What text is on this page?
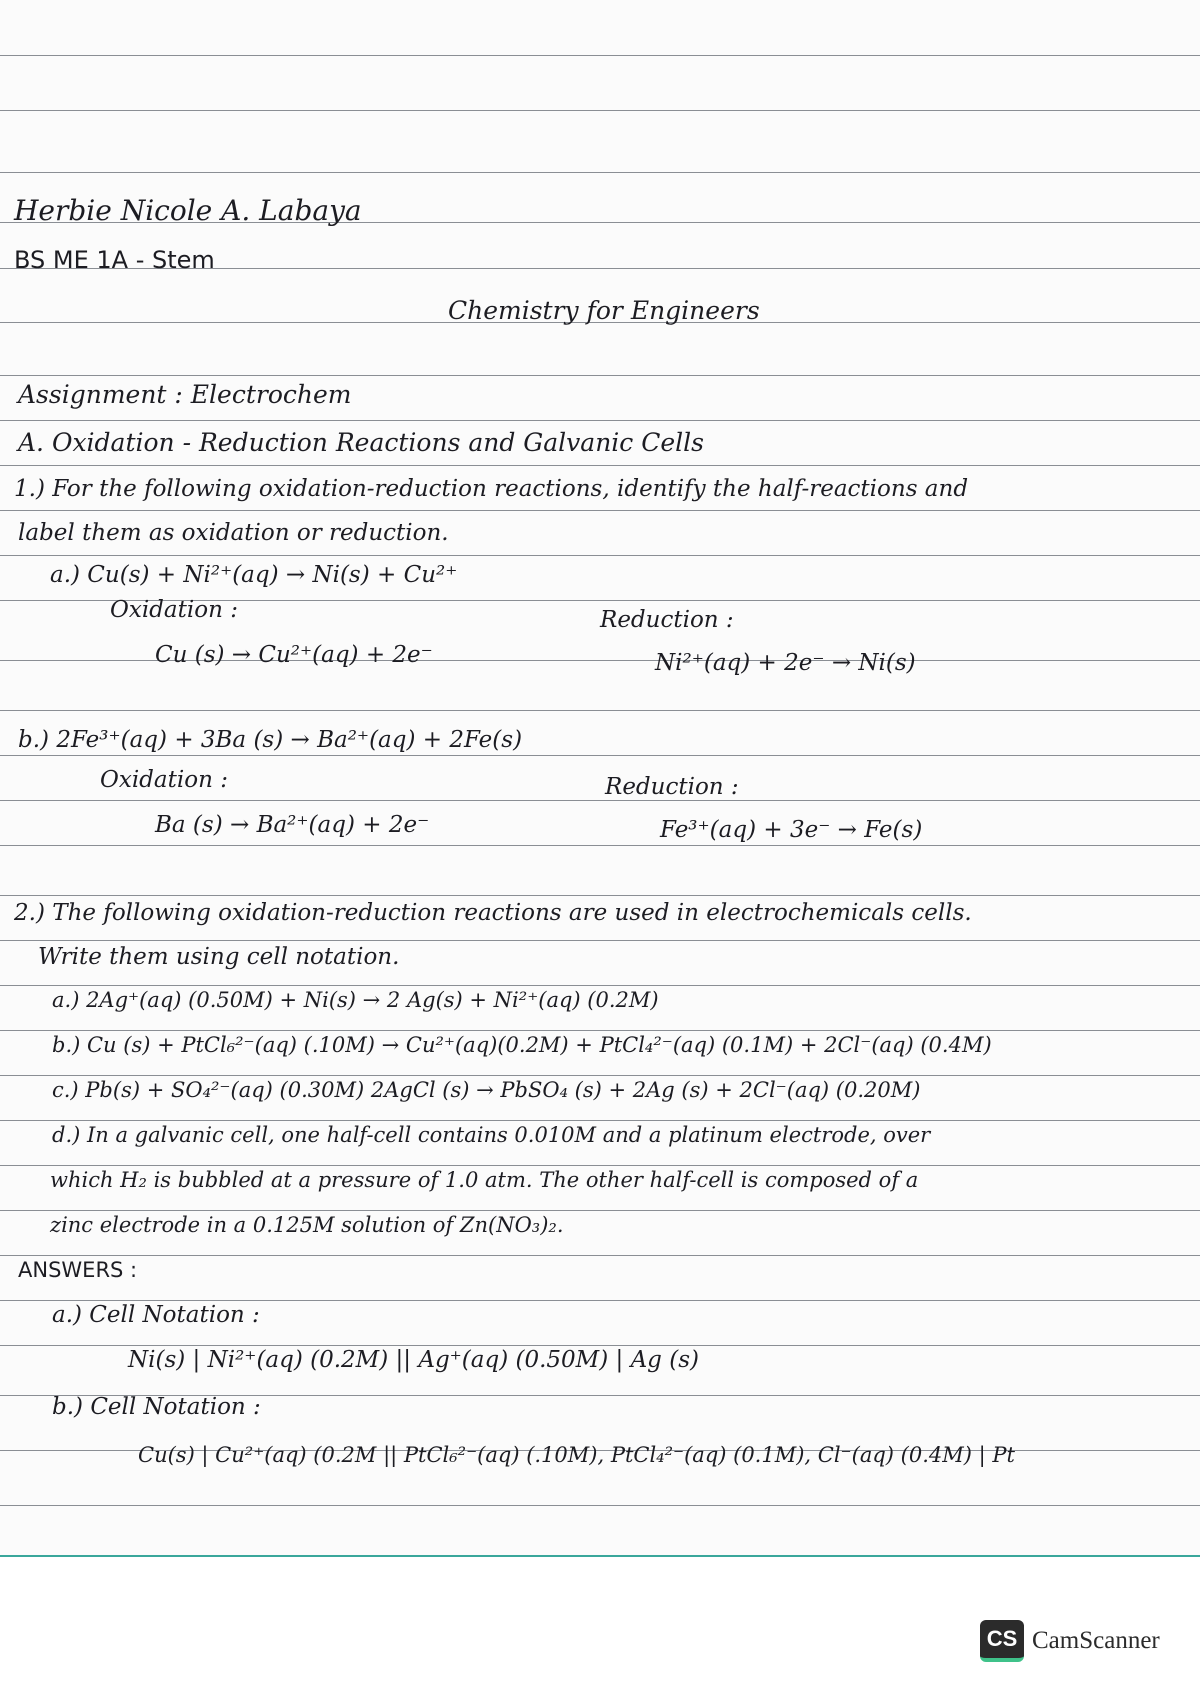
Herbie Nicole A. Labaya
BS ME 1A - Stem
Chemistry for Engineers
Assignment : Electrochem
A. Oxidation - Reduction Reactions and Galvanic Cells
1.) For the following oxidation-reduction reactions, identify the half-reactions and
label them as oxidation or reduction.
a.) Cu(s) + Ni²⁺(aq) → Ni(s) + Cu²⁺
Oxidation :	Reduction :
Cu (s) → Cu²⁺(aq) + 2e⁻	Ni²⁺(aq) + 2e⁻ → Ni(s)
b.) 2Fe³⁺(aq) + 3Ba (s) → Ba²⁺(aq) + 2Fe(s)
Oxidation :	Reduction :
Ba (s) → Ba²⁺(aq) + 2e⁻	Fe³⁺(aq) + 3e⁻ → Fe(s)
2.) The following oxidation-reduction reactions are used in electrochemicals cells.
Write them using cell notation.
a.) 2Ag⁺(aq) (0.50M) + Ni(s) → 2 Ag(s) + Ni²⁺(aq) (0.2M)
b.) Cu (s) + PtCl₆²⁻(aq) (.10M) → Cu²⁺(aq)(0.2M) + PtCl₄²⁻(aq) (0.1M) + 2Cl⁻(aq) (0.4M)
c.) Pb(s) + SO₄²⁻(aq) (0.30M) 2AgCl (s) → PbSO₄ (s) + 2Ag (s) + 2Cl⁻(aq) (0.20M)
d.) In a galvanic cell, one half-cell contains 0.010M and a platinum electrode, over
which H₂ is bubbled at a pressure of 1.0 atm. The other half-cell is composed of a
zinc electrode in a 0.125M solution of Zn(NO₃)₂.
ANSWERS :
a.) Cell Notation :
Ni(s) | Ni²⁺(aq) (0.2M) || Ag⁺(aq) (0.50M) | Ag (s)
b.) Cell Notation :
Cu(s) | Cu²⁺(aq) (0.2M || PtCl₆²⁻(aq) (.10M), PtCl₄²⁻(aq) (0.1M), Cl⁻(aq) (0.4M) | Pt
CS CamScanner
